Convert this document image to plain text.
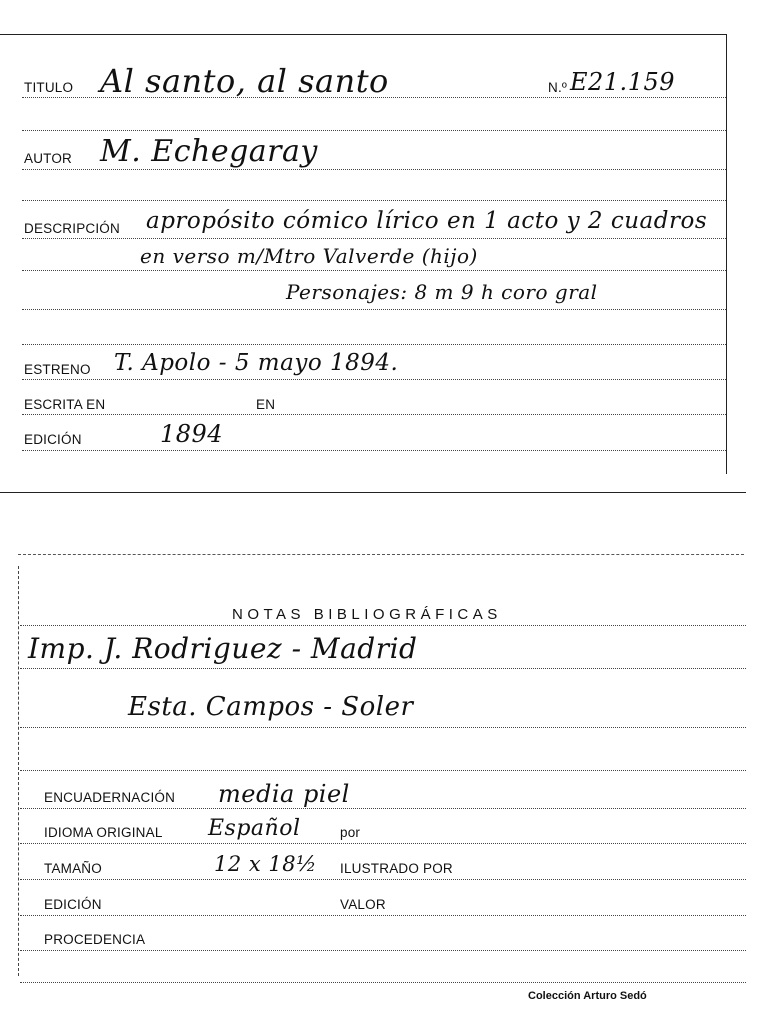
TITULO Al santo, al santo	N.º E21.159
AUTOR M. Echegaray
DESCRIPCIÓN apropósito cómico lírico en 1 acto y 2 cuadros
en verso m/Mtro Valverde (hijo)
Personajes: 8 m 9 h coro gral
ESTRENO T. Apolo - 5 mayo 1894.
ESCRITA EN	EN
EDICIÓN	1894
NOTAS BIBLIOGRÁFICAS
Imp. J. Rodriguez - Madrid
Esta. Campos - Soler
ENCUADERNACIÓN media piel
IDIOMA ORIGINAL Español	por
TAMAÑO	12 x 18½ ILUSTRADO POR
EDICIÓN	VALOR
PROCEDENCIA
Colección Arturo Sedó
